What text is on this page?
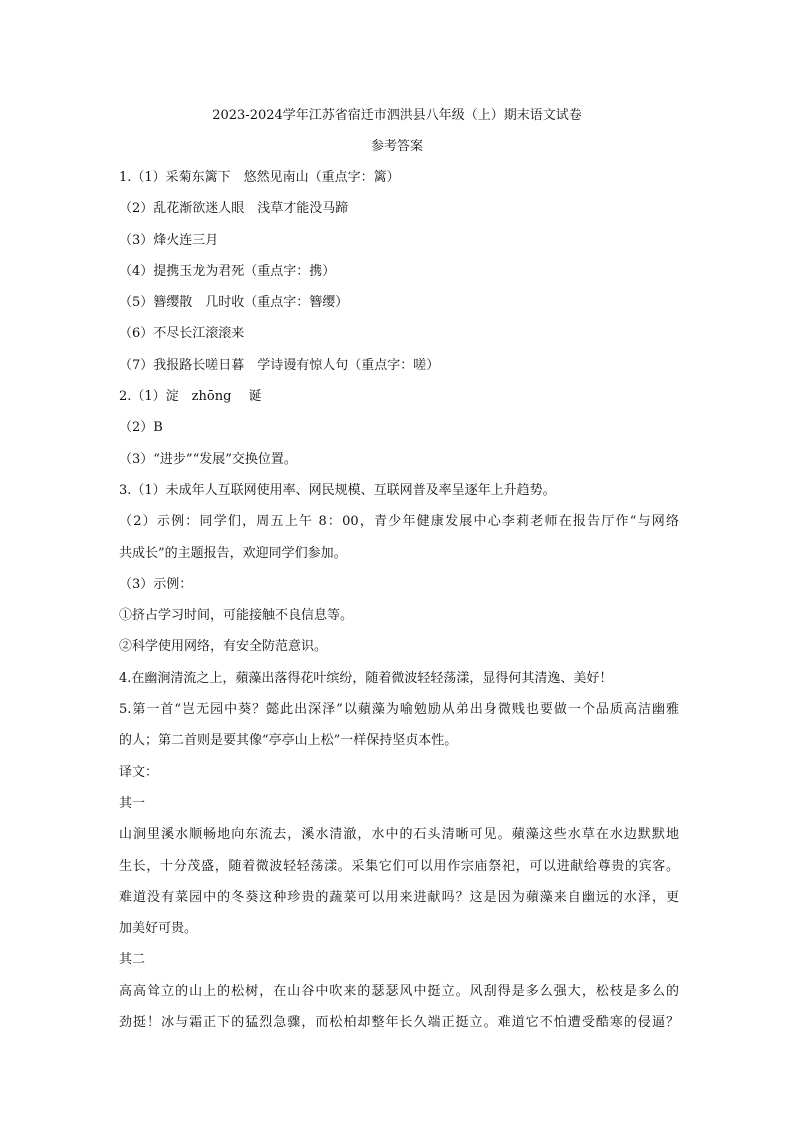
2023-2024学年江苏省宿迁市泗洪县八年级（上）期末语文试卷
参考答案
1.（1）采菊东篱下　悠然见南山（重点字：篱）
（2）乱花渐欲迷人眼　浅草才能没马蹄
（3）烽火连三月
（4）提携玉龙为君死（重点字：携）
（5）簪缨散　几时收（重点字：簪缨）
（6）不尽长江滚滚来
（7）我报路长嗟日暮　学诗谩有惊人句（重点字：嗟）
2.（1）淀　zhōng　 诞
（2）B
（3）“进步”“发展”交换位置。
3.（1）未成年人互联网使用率、网民规模、互联网普及率呈逐年上升趋势。
（2）示例：同学们，周五上午 8：00，青少年健康发展中心李莉老师在报告厅作“与网络
共成长”的主题报告，欢迎同学们参加。
（3）示例：
①挤占学习时间，可能接触不良信息等。
②科学使用网络，有安全防范意识。
4.在幽涧清流之上，蘋藻出落得花叶缤纷，随着微波轻轻荡漾，显得何其清逸、美好！
5.第一首“岂无园中葵？懿此出深泽”以蘋藻为喻勉励从弟出身微贱也要做一个品质高洁幽雅
的人；第二首则是要其像“亭亭山上松”一样保持坚贞本性。
译文：
其一
山涧里溪水顺畅地向东流去，溪水清澈，水中的石头清晰可见。蘋藻这些水草在水边默默地
生长，十分茂盛，随着微波轻轻荡漾。采集它们可以用作宗庙祭祀，可以进献给尊贵的宾客。
难道没有菜园中的冬葵这种珍贵的蔬菜可以用来进献吗？这是因为蘋藻来自幽远的水泽，更
加美好可贵。
其二
高高耸立的山上的松树，在山谷中吹来的瑟瑟风中挺立。风刮得是多么强大，松枝是多么的
劲挺！冰与霜正下的猛烈急骤，而松柏却整年长久端正挺立。难道它不怕遭受酷寒的侵逼？
